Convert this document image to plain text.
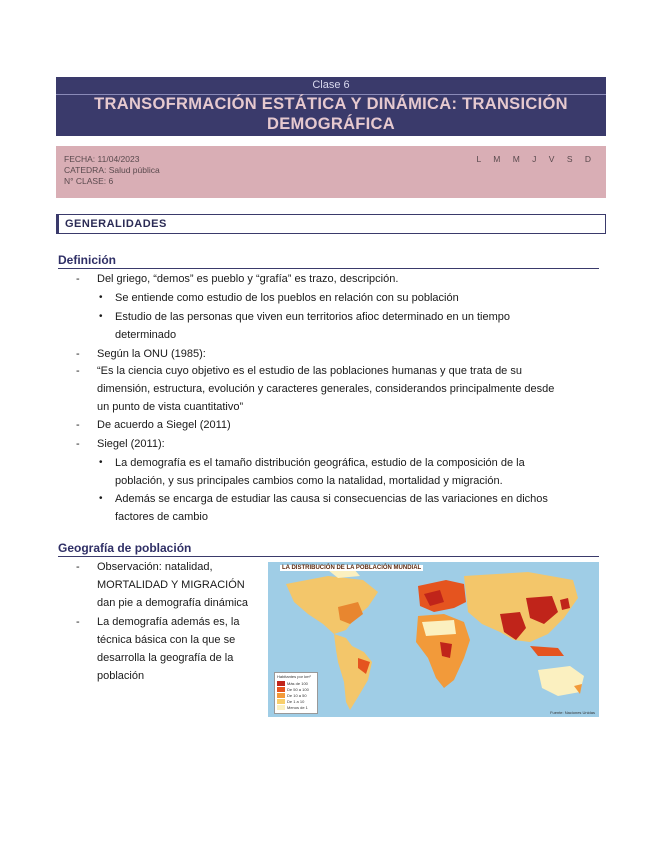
Clase 6
TRANSOFRMACIÓN ESTÁTICA Y DINÁMICA: TRANSICIÓN
DEMOGRÁFICA
FECHA: 11/04/2023
CATEDRA: Salud pública
N° CLASE: 6
L M M J V S D
GENERALIDADES
Definición
- Del griego, “demos” es pueblo y “grafía” es trazo, descripción.
• Se entiende como estudio de los pueblos en relación con su población
• Estudio de las personas que viven eun territorios afioc determinado en un tiempo
determinado
- Según la ONU (1985):
- “Es la ciencia cuyo objetivo es el estudio de las poblaciones humanas y que trata de su
dimensión, estructura, evolución y caracteres generales, considerandos principalmente desde
un punto de vista cuantitativo”
- De acuerdo a Siegel (2011)
- Siegel (2011):
• La demografía es el tamaño distribución geográfica, estudio de la composición de la
población, y sus principales cambios como la natalidad, mortalidad y migración.
• Además se encarga de estudiar las causa si consecuencias de las variaciones en dichos
factores de cambio
Geografía de población
- Observación: natalidad,
MORTALIDAD Y MIGRACIÓN
dan pie a demografía dinámica
- La demografía además es, la
técnica básica con la que se
desarrolla la geografía de la
población
LA DISTRIBUCIÓN DE LA POBLACIÓN MUNDIAL
Habitantes por km²
Más de 100
De 50 a 100
De 10 a 50
De 1 a 10
Menos de 1
Fuente: Naciones Unidas
